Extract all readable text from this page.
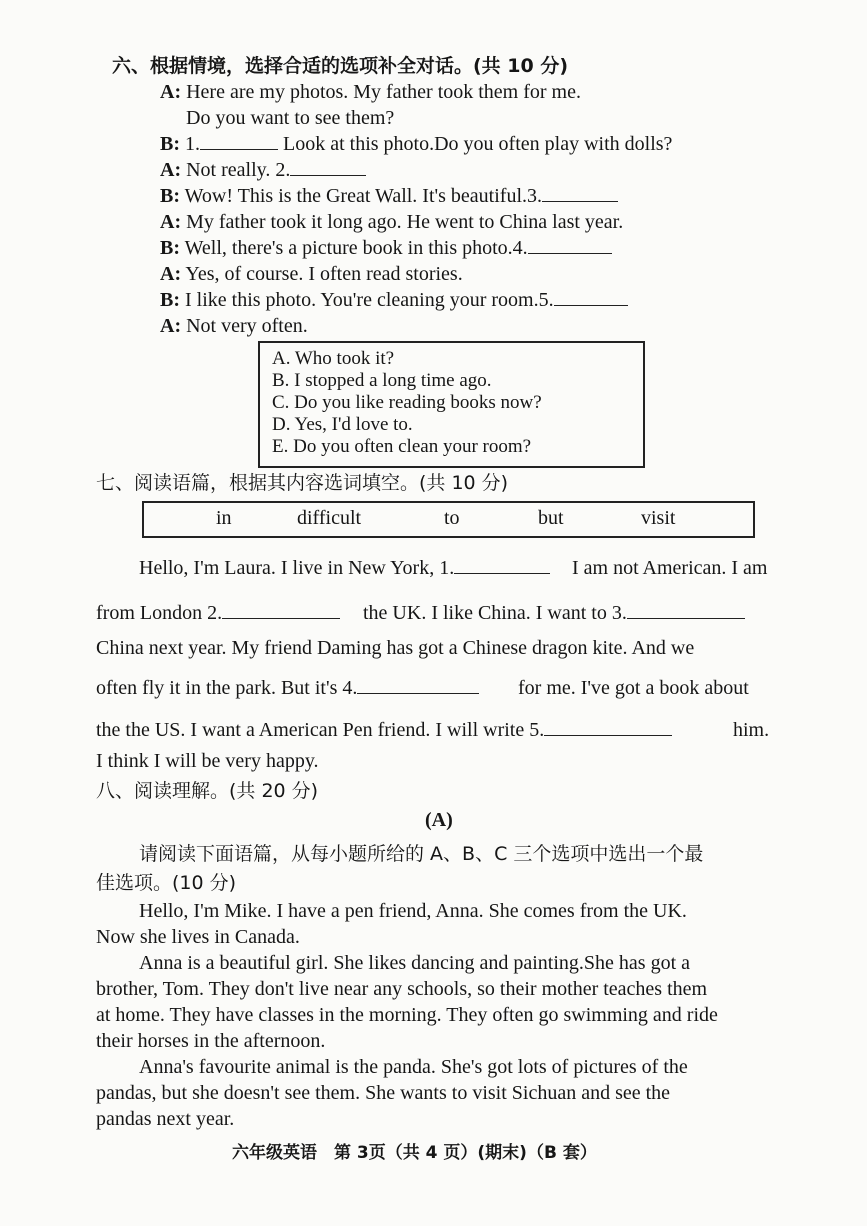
六、根据情境，选择合适的选项补全对话。(共 10 分)
A: Here are my photos. My father took them for me.
Do you want to see them?
B: 1.	Look at this photo.Do you often play with dolls?
A: Not really. 2.
B: Wow! This is the Great Wall. It's beautiful.3.
A: My father took it long ago. He went to China last year.
B: Well, there's a picture book in this photo.4.
A: Yes, of course. I often read stories.
B: I like this photo. You're cleaning your room.5.
A: Not very often.
A. Who took it?
B. I stopped a long time ago.
C. Do you like reading books now?
D. Yes, I'd love to.
E. Do you often clean your room?
七、阅读语篇，根据其内容选词填空。(共 10 分)
in	difficult	to	but	visit
Hello, I'm Laura. I live in New York, 1.	I am not American. I am
from London 2.	the UK. I like China. I want to 3.
China next year. My friend Daming has got a Chinese dragon kite. And we
often fly it in the park. But it's 4.	for me. I've got a book about
the the US. I want a American Pen friend. I will write 5.	him.
I think I will be very happy.
八、阅读理解。(共 20 分)
(A)
请阅读下面语篇，从每小题所给的 A、B、C 三个选项中选出一个最
佳选项。(10 分)
Hello, I'm Mike. I have a pen friend, Anna. She comes from the UK.
Now she lives in Canada.
Anna is a beautiful girl. She likes dancing and painting.She has got a
brother, Tom. They don't live near any schools, so their mother teaches them
at home. They have classes in the morning. They often go swimming and ride
their horses in the afternoon.
Anna's favourite animal is the panda. She's got lots of pictures of the
pandas, but she doesn't see them. She wants to visit Sichuan and see the
pandas next year.
六年级英语　第 3页（共 4 页）(期末)（B 套）
